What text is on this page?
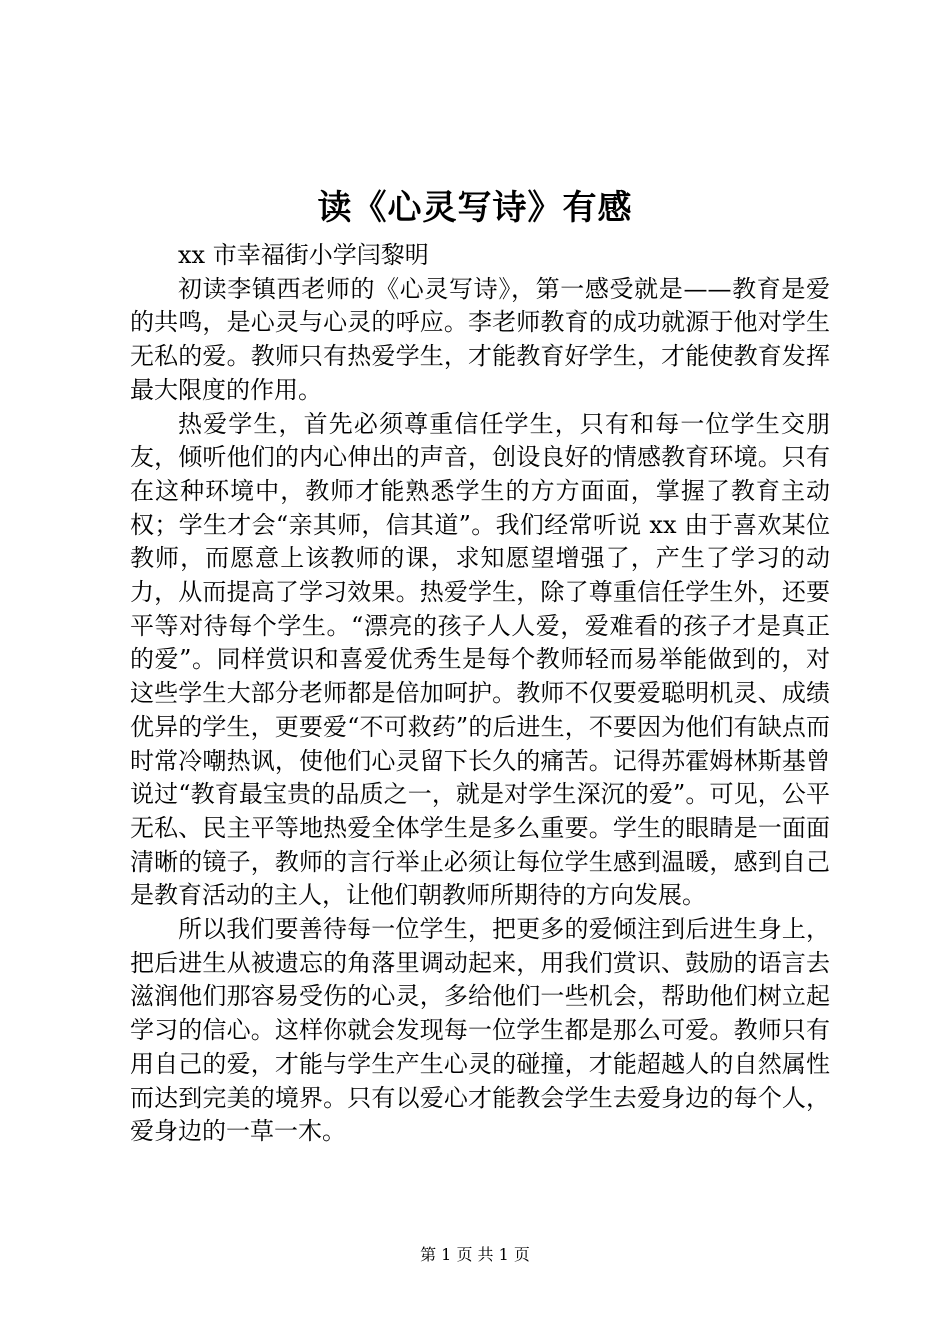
读《心灵写诗》有感

xx 市幸福街小学闫黎明

初读李镇西老师的《心灵写诗》，第一感受就是——教育是爱的共鸣，是心灵与心灵的呼应。李老师教育的成功就源于他对学生无私的爱。教师只有热爱学生，才能教育好学生，才能使教育发挥最大限度的作用。

热爱学生，首先必须尊重信任学生，只有和每一位学生交朋友，倾听他们的内心伸出的声音，创设良好的情感教育环境。只有在这种环境中，教师才能熟悉学生的方方面面，掌握了教育主动权；学生才会“亲其师，信其道”。我们经常听说 xx 由于喜欢某位教师，而愿意上该教师的课，求知愿望增强了，产生了学习的动力，从而提高了学习效果。热爱学生，除了尊重信任学生外，还要平等对待每个学生。“漂亮的孩子人人爱，爱难看的孩子才是真正的爱”。同样赏识和喜爱优秀生是每个教师轻而易举能做到的，对这些学生大部分老师都是倍加呵护。教师不仅要爱聪明机灵、成绩优异的学生，更要爱“不可救药”的后进生，不要因为他们有缺点而时常冷嘲热讽，使他们心灵留下长久的痛苦。记得苏霍姆林斯基曾说过“教育最宝贵的品质之一，就是对学生深沉的爱”。可见，公平无私、民主平等地热爱全体学生是多么重要。学生的眼睛是一面面清晰的镜子，教师的言行举止必须让每位学生感到温暖，感到自己是教育活动的主人，让他们朝教师所期待的方向发展。

所以我们要善待每一位学生，把更多的爱倾注到后进生身上，把后进生从被遗忘的角落里调动起来，用我们赏识、鼓励的语言去滋润他们那容易受伤的心灵，多给他们一些机会，帮助他们树立起学习的信心。这样你就会发现每一位学生都是那么可爱。教师只有用自己的爱，才能与学生产生心灵的碰撞，才能超越人的自然属性而达到完美的境界。只有以爱心才能教会学生去爱身边的每个人，爱身边的一草一木。

第 1 页 共 1 页
